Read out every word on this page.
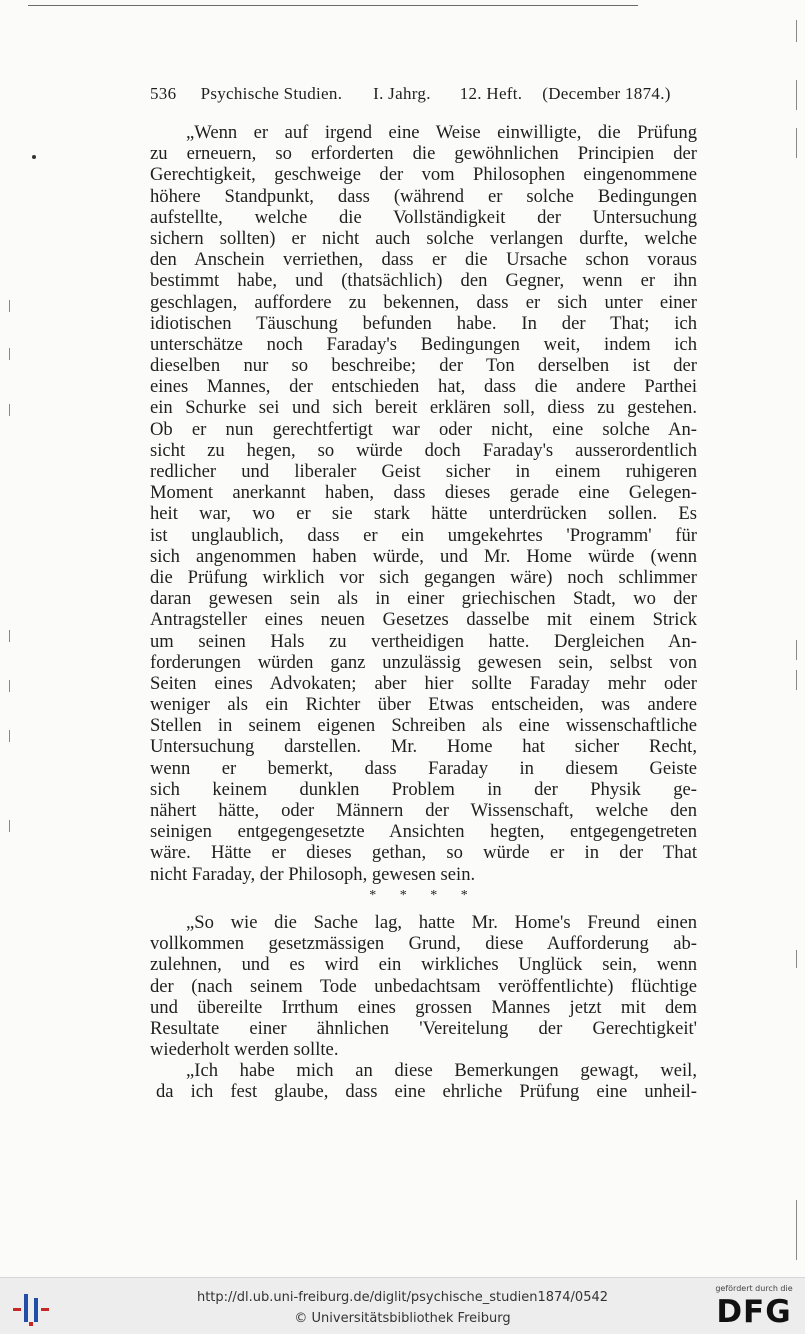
536 Psychische Studien. I. Jahrg. 12. Heft. (December 1874.)
„Wenn er auf irgend eine Weise einwilligte, die Prüfung
zu erneuern, so erforderten die gewöhnlichen Principien der
Gerechtigkeit, geschweige der vom Philosophen eingenommene
höhere Standpunkt, dass (während er solche Bedingungen
aufstellte, welche die Vollständigkeit der Untersuchung
sichern sollten) er nicht auch solche verlangen durfte, welche
den Anschein verriethen, dass er die Ursache schon voraus
bestimmt habe, und (thatsächlich) den Gegner, wenn er ihn
geschlagen, auffordere zu bekennen, dass er sich unter einer
idiotischen Täuschung befunden habe. In der That; ich
unterschätze noch Faraday's Bedingungen weit, indem ich
dieselben nur so beschreibe; der Ton derselben ist der
eines Mannes, der entschieden hat, dass die andere Parthei
ein Schurke sei und sich bereit erklären soll, diess zu gestehen.
Ob er nun gerechtfertigt war oder nicht, eine solche An-
sicht zu hegen, so würde doch Faraday's ausserordentlich
redlicher und liberaler Geist sicher in einem ruhigeren
Moment anerkannt haben, dass dieses gerade eine Gelegen-
heit war, wo er sie stark hätte unterdrücken sollen. Es
ist unglaublich, dass er ein umgekehrtes 'Programm' für
sich angenommen haben würde, und Mr. Home würde (wenn
die Prüfung wirklich vor sich gegangen wäre) noch schlimmer
daran gewesen sein als in einer griechischen Stadt, wo der
Antragsteller eines neuen Gesetzes dasselbe mit einem Strick
um seinen Hals zu vertheidigen hatte. Dergleichen An-
forderungen würden ganz unzulässig gewesen sein, selbst von
Seiten eines Advokaten; aber hier sollte Faraday mehr oder
weniger als ein Richter über Etwas entscheiden, was andere
Stellen in seinem eigenen Schreiben als eine wissenschaftliche
Untersuchung darstellen. Mr. Home hat sicher Recht,
wenn er bemerkt, dass Faraday in diesem Geiste
sich keinem dunklen Problem in der Physik ge-
nähert hätte, oder Männern der Wissenschaft, welche den
seinigen entgegengesetzte Ansichten hegten, entgegengetreten
wäre. Hätte er dieses gethan, so würde er in der That
nicht Faraday, der Philosoph, gewesen sein.
* * * *
„So wie die Sache lag, hatte Mr. Home's Freund einen
vollkommen gesetzmässigen Grund, diese Aufforderung ab-
zulehnen, und es wird ein wirkliches Unglück sein, wenn
der (nach seinem Tode unbedachtsam veröffentlichte) flüchtige
und übereilte Irrthum eines grossen Mannes jetzt mit dem
Resultate einer ähnlichen 'Vereitelung der Gerechtigkeit'
wiederholt werden sollte.
„Ich habe mich an diese Bemerkungen gewagt, weil,
da ich fest glaube, dass eine ehrliche Prüfung eine unheil-
http://dl.ub.uni-freiburg.de/diglit/psychische_studien1874/0542
© Universitätsbibliothek Freiburg
gefördert durch die
DFG
